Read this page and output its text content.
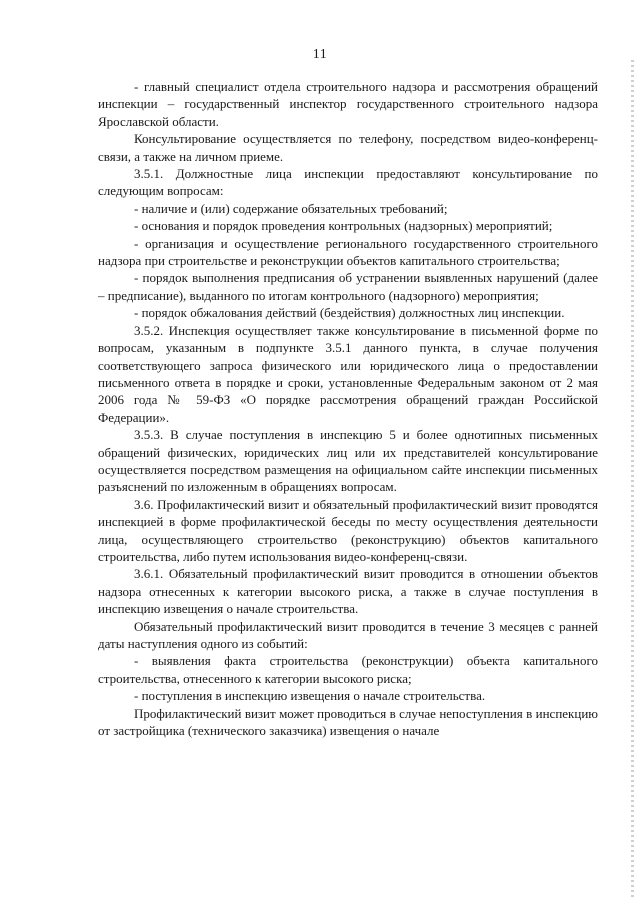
11

- главный специалист отдела строительного надзора и рассмотрения обращений инспекции – государственный инспектор государственного строительного надзора Ярославской области.

Консультирование осуществляется по телефону, посредством видео-конференц-связи, а также на личном приеме.

3.5.1. Должностные лица инспекции предоставляют консультирование по следующим вопросам:

- наличие и (или) содержание обязательных требований;

- основания и порядок проведения контрольных (надзорных) мероприятий;

- организация и осуществление регионального государственного строительного надзора при строительстве и реконструкции объектов капитального строительства;

- порядок выполнения предписания об устранении выявленных нарушений (далее – предписание), выданного по итогам контрольного (надзорного) мероприятия;

- порядок обжалования действий (бездействия) должностных лиц инспекции.

3.5.2. Инспекция осуществляет также консультирование в письменной форме по вопросам, указанным в подпункте 3.5.1 данного пункта, в случае получения соответствующего запроса физического или юридического лица о предоставлении письменного ответа в порядке и сроки, установленные Федеральным законом от 2 мая 2006 года № 59-ФЗ «О порядке рассмотрения обращений граждан Российской Федерации».

3.5.3. В случае поступления в инспекцию 5 и более однотипных письменных обращений физических, юридических лиц или их представителей консультирование осуществляется посредством размещения на официальном сайте инспекции письменных разъяснений по изложенным в обращениях вопросам.

3.6. Профилактический визит и обязательный профилактический визит проводятся инспекцией в форме профилактической беседы по месту осуществления деятельности лица, осуществляющего строительство (реконструкцию) объектов капитального строительства, либо путем использования видео-конференц-связи.

3.6.1. Обязательный профилактический визит проводится в отношении объектов надзора отнесенных к категории высокого риска, а также в случае поступления в инспекцию извещения о начале строительства.

Обязательный профилактический визит проводится в течение 3 месяцев с ранней даты наступления одного из событий:

- выявления факта строительства (реконструкции) объекта капитального строительства, отнесенного к категории высокого риска;

- поступления в инспекцию извещения о начале строительства.

Профилактический визит может проводиться в случае непоступления в инспекцию от застройщика (технического заказчика) извещения о начале
